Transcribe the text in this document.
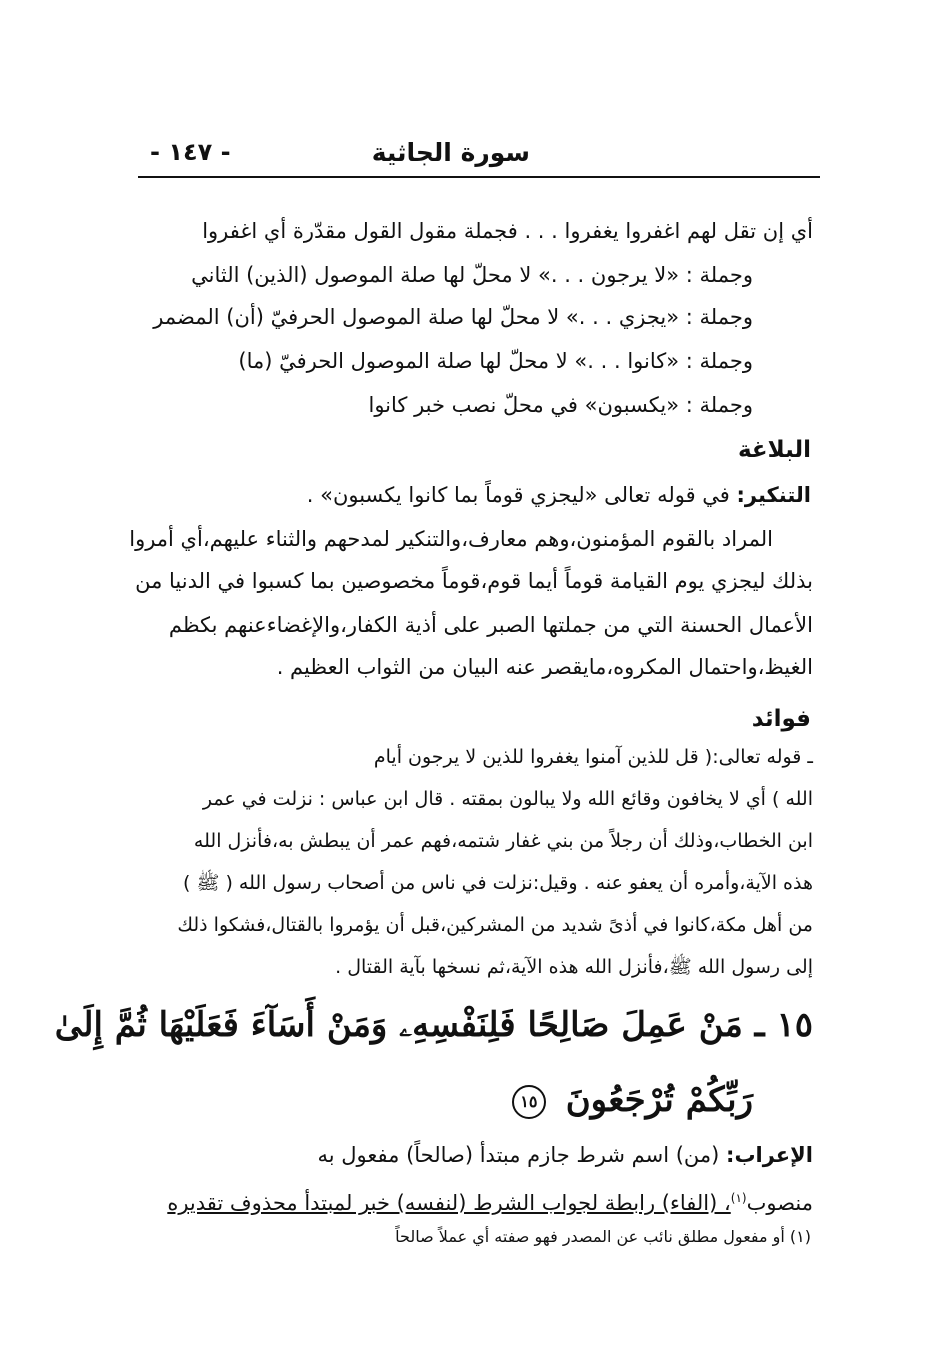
سورة الجاثية
- ١٤٧ -
أي إن تقل لهم اغفروا يغفروا . . . فجملة مقول القول مقدّرة أي اغفروا
وجملة : «لا يرجون . . .» لا محلّ لها صلة الموصول (الذين) الثاني
وجملة : «يجزي . . .» لا محلّ لها صلة الموصول الحرفيّ (أن) المضمر
وجملة : «كانوا . . .» لا محلّ لها صلة الموصول الحرفيّ (ما)
وجملة : «يكسبون» في محلّ نصب خبر كانوا
البلاغة
التنكير: في قوله تعالى «ليجزي قوماً بما كانوا يكسبون» .
المراد بالقوم المؤمنون،وهم معارف،والتنكير لمدحهم والثناء عليهم،أي أمروا
بذلك ليجزي يوم القيامة قوماً أيما قوم،قوماً مخصوصين بما كسبوا في الدنيا من
الأعمال الحسنة التي من جملتها الصبر على أذية الكفار،والإغضاءعنهم بكظم
الغيظ،واحتمال المكروه،مايقصر عنه البيان من الثواب العظيم .
فوائد
ـ قوله تعالى:( قل للذين آمنوا يغفروا للذين لا يرجون أيام
الله ) أي لا يخافون وقائع الله ولا يبالون بمقته . قال ابن عباس : نزلت في عمر
ابن الخطاب،وذلك أن رجلاً من بني غفار شتمه،فهم عمر أن يبطش به،فأنزل الله
هذه الآية،وأمره أن يعفو عنه . وقيل:نزلت في ناس من أصحاب رسول الله ( ﷺ )
من أهل مكة،كانوا في أذىً شديد من المشركين،قبل أن يؤمروا بالقتال،فشكوا ذلك
إلى رسول الله ﷺ،فأنزل الله هذه الآية،ثم نسخها بآية القتال .
١٥ ـ مَنْ عَمِلَ صَالِحًا فَلِنَفْسِهِۦ وَمَنْ أَسَآءَ فَعَلَيْهَا ثُمَّ إِلَىٰ
رَبِّكُمْ تُرْجَعُونَ ١٥
الإعراب: (من) اسم شرط جازم مبتدأ (صالحاً) مفعول به
منصوب$^{(١)}$، (الفاء) رابطة لجواب الشرط (لنفسه) خبر لمبتدأ محذوف تقديره
(١) أو مفعول مطلق نائب عن المصدر فهو صفته أي عملاً صالحاً
